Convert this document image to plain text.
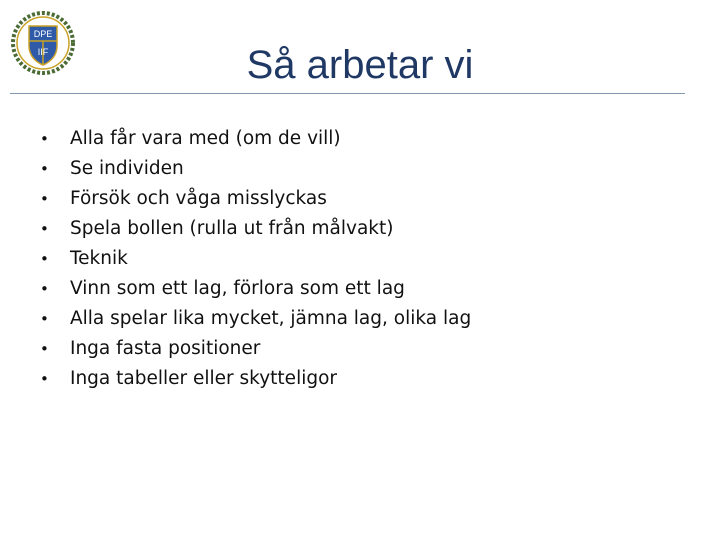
DPE
IIF	Så arbetar vi
•	Alla får vara med (om de vill)
•	Se individen
•	Försök och våga misslyckas
•	Spela bollen (rulla ut från målvakt)
•	Teknik
•	Vinn som ett lag, förlora som ett lag
•	Alla spelar lika mycket, jämna lag, olika lag
•	Inga fasta positioner
•	Inga tabeller eller skytteligor
